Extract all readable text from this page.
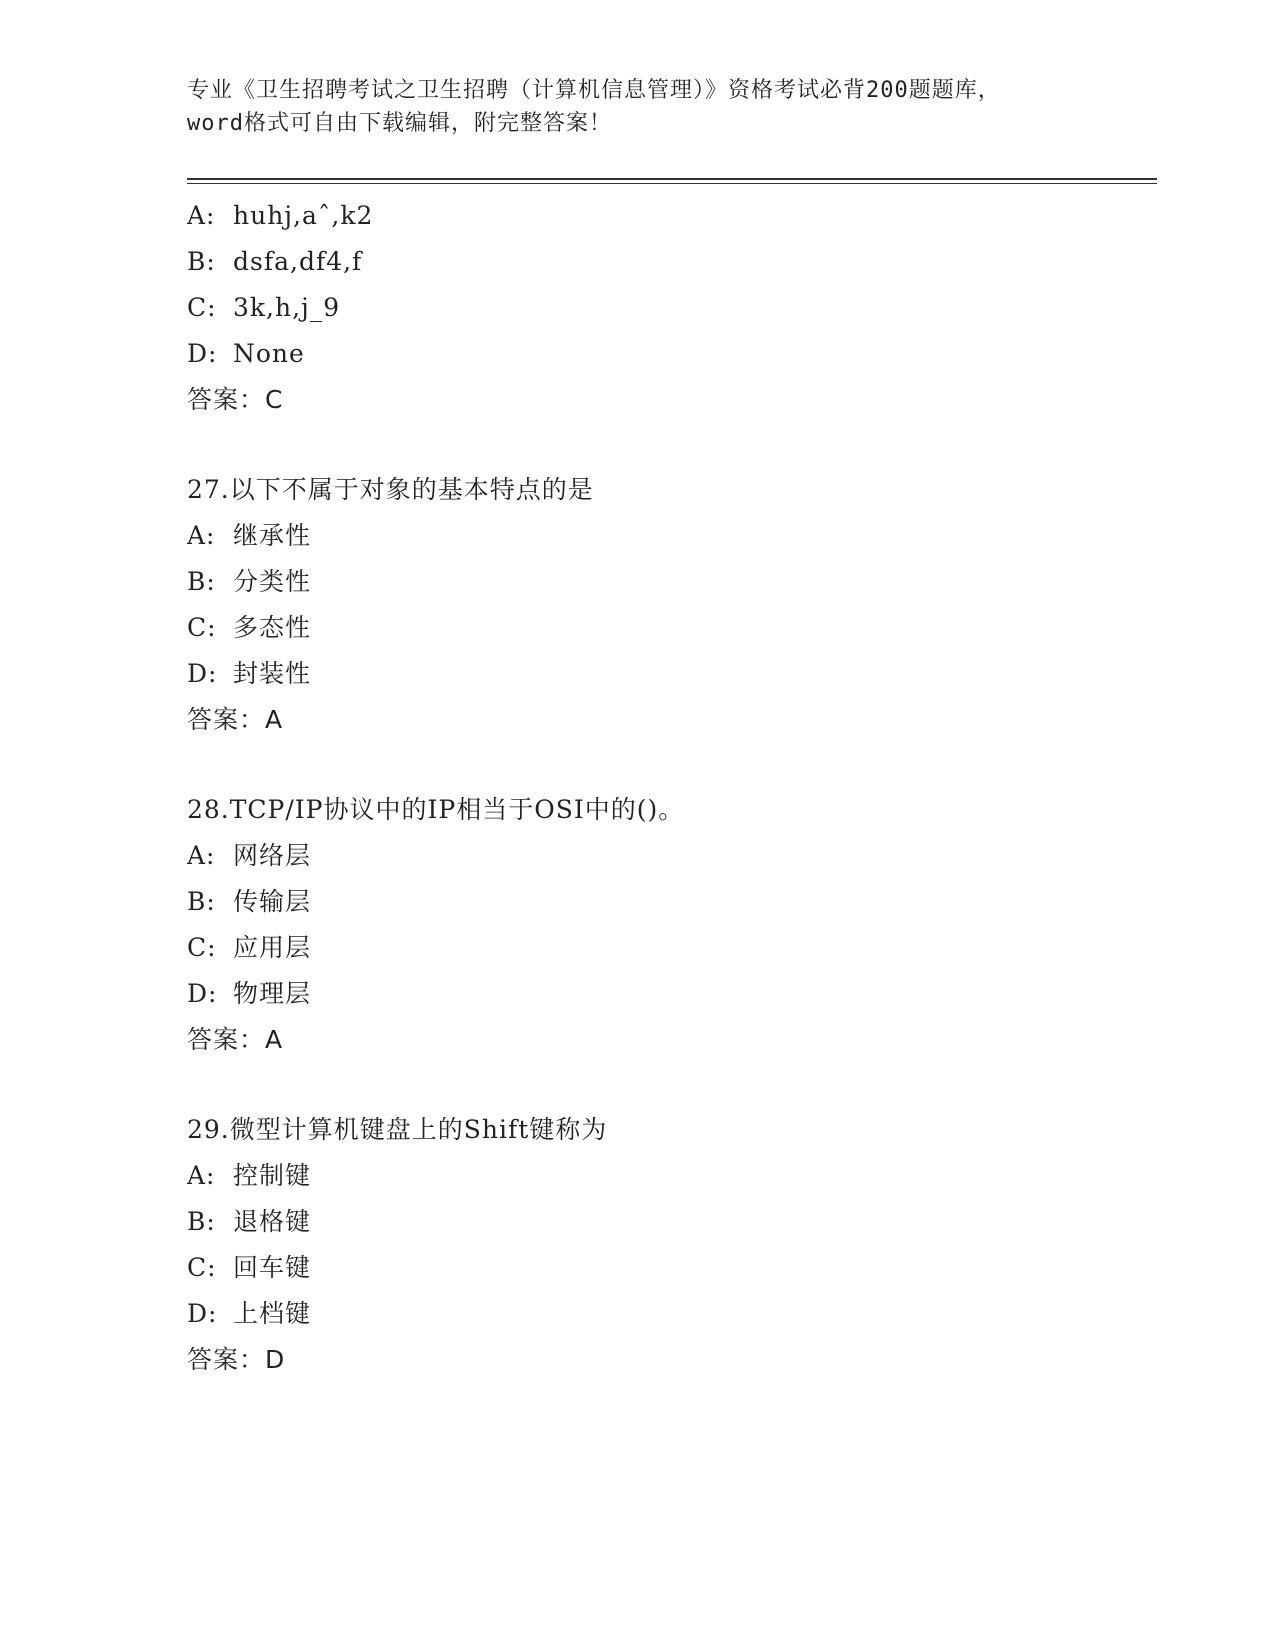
专业《卫生招聘考试之卫生招聘（计算机信息管理）》资格考试必背200题题库，
word格式可自由下载编辑，附完整答案！
A: huhj,aˆ,k2
B: dsfa,df4,f
C: 3k,h,j_9
D: None
答案：C
27.以下不属于对象的基本特点的是
A: 继承性
B: 分类性
C: 多态性
D: 封装性
答案：A
28.TCP/IP协议中的IP相当于OSI中的()。
A: 网络层
B: 传输层
C: 应用层
D: 物理层
答案：A
29.微型计算机键盘上的Shift键称为
A: 控制键
B: 退格键
C: 回车键
D: 上档键
答案：D
